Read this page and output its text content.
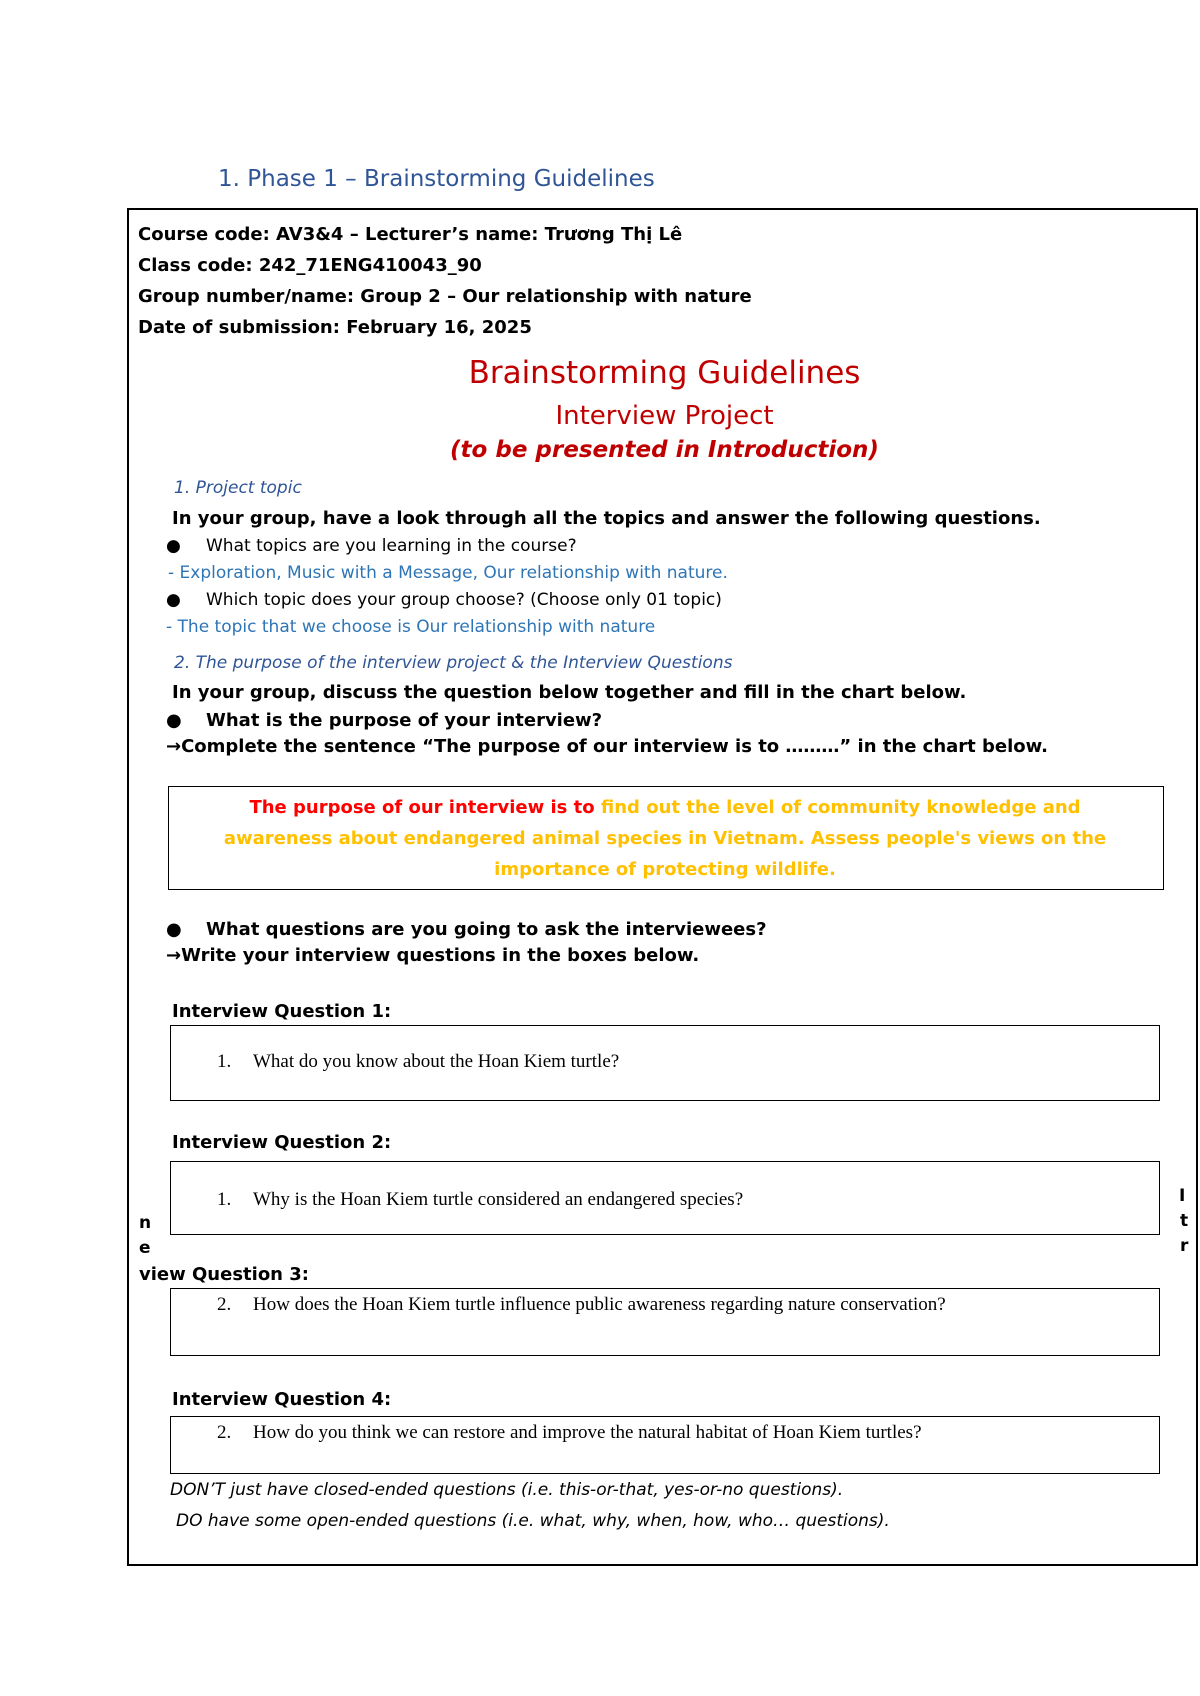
1. Phase 1 – Brainstorming Guidelines
Course code: AV3&4 – Lecturer’s name: Trương Thị Lê
Class code: 242_71ENG410043_90
Group number/name: Group 2 – Our relationship with nature
Date of submission: February 16, 2025
Brainstorming Guidelines
Interview Project
(to be presented in Introduction)
1. Project topic
In your group, have a look through all the topics and answer the following questions.
● What topics are you learning in the course?
- Exploration, Music with a Message, Our relationship with nature.
● Which topic does your group choose? (Choose only 01 topic)
- The topic that we choose is Our relationship with nature
2. The purpose of the interview project & the Interview Questions
In your group, discuss the question below together and fill in the chart below.
● What is the purpose of your interview?
→Complete the sentence “The purpose of our interview is to ………” in the chart below.
The purpose of our interview is to find out the level of community knowledge and awareness about endangered animal species in Vietnam. Assess people's views on the importance of protecting wildlife.
● What questions are you going to ask the interviewees?
→Write your interview questions in the boxes below.
Interview Question 1:
1. What do you know about the Hoan Kiem turtle?
Interview Question 2:
1. Why is the Hoan Kiem turtle considered an endangered species?
n
e
I
t
r
view Question 3:
2. How does the Hoan Kiem turtle influence public awareness regarding nature conservation?
Interview Question 4:
2. How do you think we can restore and improve the natural habitat of Hoan Kiem turtles?
DON’T just have closed-ended questions (i.e. this-or-that, yes-or-no questions).
DO have some open-ended questions (i.e. what, why, when, how, who… questions).
